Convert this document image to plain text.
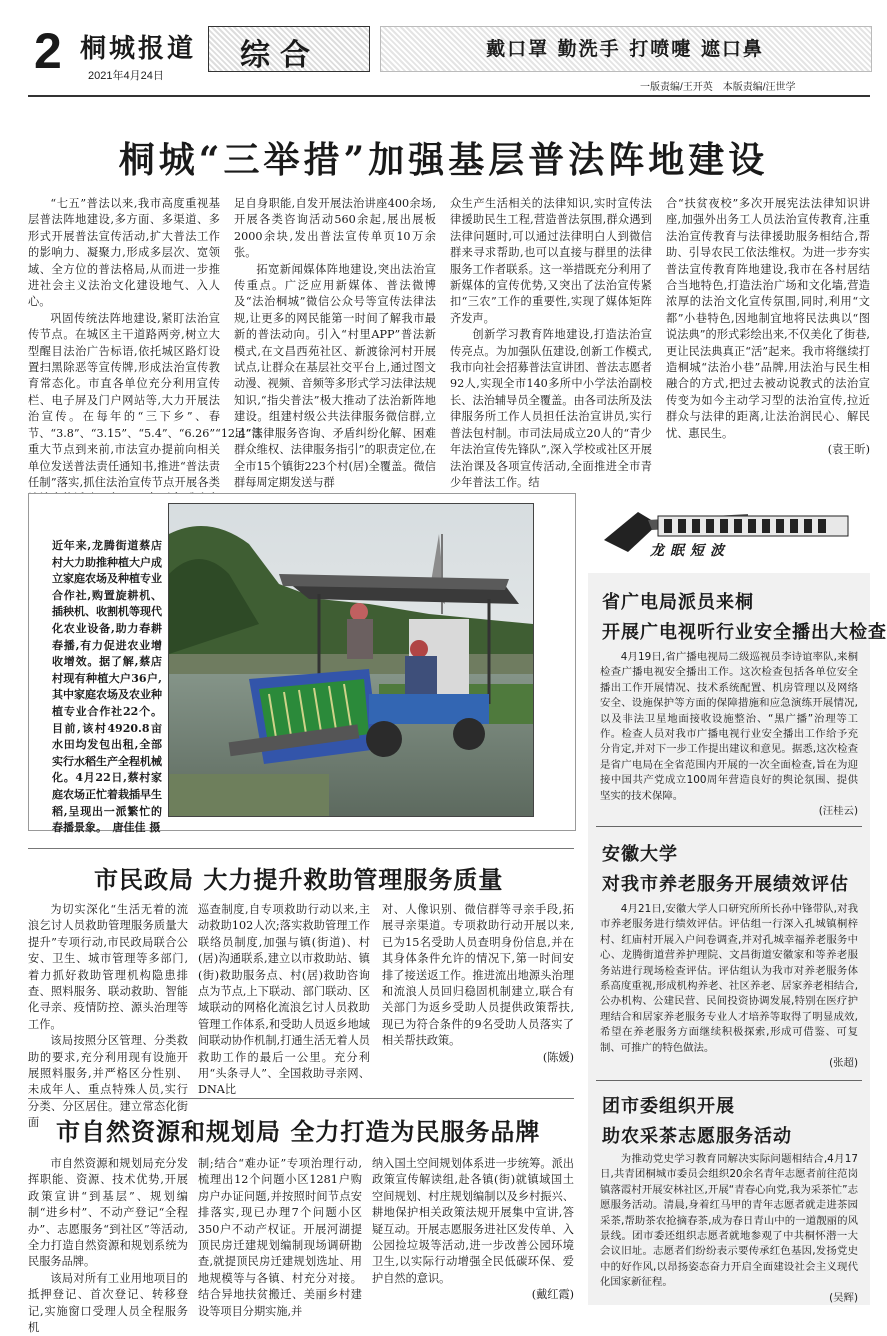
2 桐城报道
2021年4月24日
综合	戴口罩 勤洗手 打喷嚏 遮口鼻
一版责编/王开英　本版责编/汪世学
桐城“三举措”加强基层普法阵地建设

“七五”普法以来,我市高度重视基层普法阵地建设,多方面、多渠道、多形式开展普法宣传活动,扩大普法工作的影响力、凝聚力,形成多层次、宽领域、全方位的普法格局,从而进一步推进社会主义法治文化建设地气、入人心。

巩固传统法阵地建设,紧盯法治宣传节点。在城区主干道路两旁,树立大型醒目法治广告标语,依托城区路灯设置扫黑除恶等宣传牌,形成法治宣传教育常态化。市直各单位充分利用宣传栏、电子屏及门户网站等,大力开展法治宣传。在每年的“三下乡”、春节、“3.8”、“3.15”、“5.4”、“6.26”“12.4”等重大节点到来前,市法宣办提前向相关单位发送普法责任通知书,推进“普法责任制”落实,抓住法治宣传节点开展各类

足自身职能,自发开展法治讲座400余场,开展各类咨询活动560余起,展出展板2000余块,发出普法宣传单页10万余张。

拓宽新闻媒体阵地建设,突出法治宣传重点。广泛应用新媒体、普法微博及“法治桐城”微信公众号等宣传法律法规,让更多的网民能第一时间了解我市最新的普法动向。引入“村里APP”普法新模式,在文昌西苑社区、新渡徐河村开展试点,让群众在基层社交平台上,通过图文动漫、视频、音频等多形式学习法律法规知识,“指尖普法”极大推动了法治新阵地建设。组建村级公共法律服务微信群,立足“法律服务咨询、矛盾纠纷化解、困难群众维权、法律服务指引”的职责定位,在全市15个镇街223个村(居)全覆盖。微信群每周定期发送与群

众生产生活相关的法律知识,实时宣传法律援助民生工程,营造普法氛围,群众遇到法律问题时,可以通过法律明白人到微信群来寻求帮助,也可以直接与群里的法律服务工作者联系。这一举措既充分利用了新媒体的宣传优势,又突出了法治宣传紧扣“三农”工作的重要性,实现了媒体矩阵齐发声。

创新学习教育阵地建设,打造法治宣传亮点。为加强队伍建设,创新工作模式,我市向社会招募普法宣讲团、普法志愿者92人,实现全市140多所中小学法治副校长、法治辅导员全覆盖。由各司法所及法律服务所工作人员担任法治宣讲员,实行普法包村制。市司法局成立20人的“青少年法治宣传先锋队”,深入学校或社区开展法治课及各项宣传活动,全面推进全市青少年普法工作。结

合“扶贫夜校”多次开展宪法法律知识讲座,加强外出务工人员法治宣传教育,注重法治宣传教育与法律援助服务相结合,帮助、引导农民工依法维权。为进一步夯实普法宣传教育阵地建设,我市在各村居结合当地特色,打造法治广场和文化墙,营造浓厚的法治文化宣传氛围,同时,利用“文都”小巷特色,因地制宜地将民法典以“图说法典”的形式彩绘出来,不仅美化了街巷,更让民法典真正“活”起来。我市将继续打造桐城“法治小巷”品牌,用法治与民生相融合的方式,把过去被动说教式的法治宣传变为如今主动学习型的法治宣传,拉近群众与法律的距离,让法治润民心、解民忧、惠民生。

(袁王昕)

近年来,龙腾街道蔡店村大力助推种植大户成立家庭农场及种植专业合作社,购置旋耕机、插秧机、收割机等现代化农业设备,助力春耕春播,有力促进农业增收增效。据了解,蔡店村现有种植大户36户,其中家庭农场及农业种植专业合作社22个。目前,该村4920.8亩水田均发包出租,全部实行水稻生产全程机械化。4月22日,蔡村家庭农场正忙着栽插早生稻,呈现出一派繁忙的春播景象。　唐佳佳 摄
市民政局 大力提升救助管理服务质量

为切实深化“生活无着的流浪乞讨人员救助管理服务质量大提升”专项行动,市民政局联合公安、卫生、城市管理等多部门,着力抓好救助管理机构隐患排查、照料服务、联动救助、智能化寻亲、疫情防控、源头治理等工作。

该局按照分区管理、分类救助的要求,充分利用现有设施开展照料服务,并严格区分性别、未成年人、重点特殊人员,实行分类、分区居住。建立常态化街面

巡查制度,自专项救助行动以来,主动救助102人次;落实救助管理工作联络员制度,加强与镇(街道)、村(居)沟通联系,建立以市救助站、镇(街)救助服务点、村(居)救助咨询点为节点,上下联动、部门联动、区域联动的网格化流浪乞讨人员救助管理工作体系,和受助人员返乡地域间联动协作机制,打通生活无着人员救助工作的最后一公里。充分利用“头条寻人”、全国救助寻亲网、DNA比

对、人像识别、微信群等寻亲手段,拓展寻亲渠道。专项救助行动开展以来,已为15名受助人员查明身份信息,并在其身体条件允许的情况下,第一时间安排了接送返工作。推进流出地源头治理和流浪人员回归稳固机制建立,联合有关部门为返乡受助人员提供政策帮扶,现已为符合条件的9名受助人员落实了相关帮扶政策。

(陈媛)

市自然资源和规划局 全力打造为民服务品牌

市自然资源和规划局充分发挥职能、资源、技术优势,开展政策宣讲“到基层”、规划编制“进乡村”、不动产登记“全程办”、志愿服务“到社区”等活动,全力打造自然资源和规划系统为民服务品牌。

该局对所有工业用地项目的抵押登记、首次登记、转移登记,实施窗口受理人员全程服务机

制;结合“难办证”专项治理行动,梳理出12个问题小区1281户购房户办证问题,并按照时间节点安排落实,现已办理7个问题小区350户不动产权证。开展河湖提顶民房迁建规划编制现场调研勘查,就提顶民房迁建规划选址、用地规模等与各镇、村充分对接。结合异地扶贫搬迁、美丽乡村建设等项目分期实施,并

纳入国土空间规划体系进一步统筹。派出政策宣传解读组,赴各镇(街)就镇域国土空间规划、村庄规划编制以及乡村振兴、耕地保护相关政策法规开展集中宣讲,答疑互动。开展志愿服务进社区发传单、入公园捡垃圾等活动,进一步改善公园环境卫生,以实际行动增强全民低碳环保、爱护自然的意识。

(戴红霞)

龙眠短波
省广电局派员来桐
开展广电视听行业安全播出大检查

4月19日,省广播电视局二级巡视员李诗谊率队,来桐检查广播电视安全播出工作。这次检查包括各单位安全播出工作开展情况、技术系统配置、机房管理以及网络安全、设施保护等方面的保障措施和应急演练开展情况,以及非法卫星地面接收设施整治、“黑广播”治理等工作。检查人员对我市广播电视行业安全播出工作给予充分肯定,并对下一步工作提出建议和意见。据悉,这次检查是省广电局在全省范围内开展的一次全面检查,旨在为迎接中国共产党成立100周年营造良好的舆论氛围、提供坚实的技术保障。

(汪桂云)

安徽大学
对我市养老服务开展绩效评估

4月21日,安徽大学人口研究所所长孙中锋带队,对我市养老服务进行绩效评估。评估组一行深入孔城镇桐梓村、红庙村开展入户问卷调查,并对孔城幸福养老服务中心、龙腾街道营养护理院、文昌街道安徽家和等养老服务站进行现场检查评估。评估组认为我市对养老服务体系高度重视,形成机构养老、社区养老、居家养老相结合,公办机构、公建民营、民间投资协调发展,特别在医疗护理结合和居家养老服务专业人才培养等取得了明显成效,希望在养老服务方面继续积极探索,形成可借鉴、可复制、可推广的特色做法。

(张超)

团市委组织开展
助农采茶志愿服务活动

为推动党史学习教育同解决实际问题相结合,4月17日,共青团桐城市委员会组织20余名青年志愿者前往范岗镇落霞村开展安林社区,开展“青春心向党,我为采茶忙”志愿服务活动。清晨,身着红马甲的青年志愿者就走进茶园采茶,帮助茶农抢摘春茶,成为春日青山中的一道靓丽的风景线。团市委还组织志愿者就地参观了中共桐怀潜一大会议旧址。志愿者们纷纷表示要传承红色基因,发扬党史中的好作风,以昂扬姿态奋力开启全面建设社会主义现代化国家新征程。

(吴辉)
